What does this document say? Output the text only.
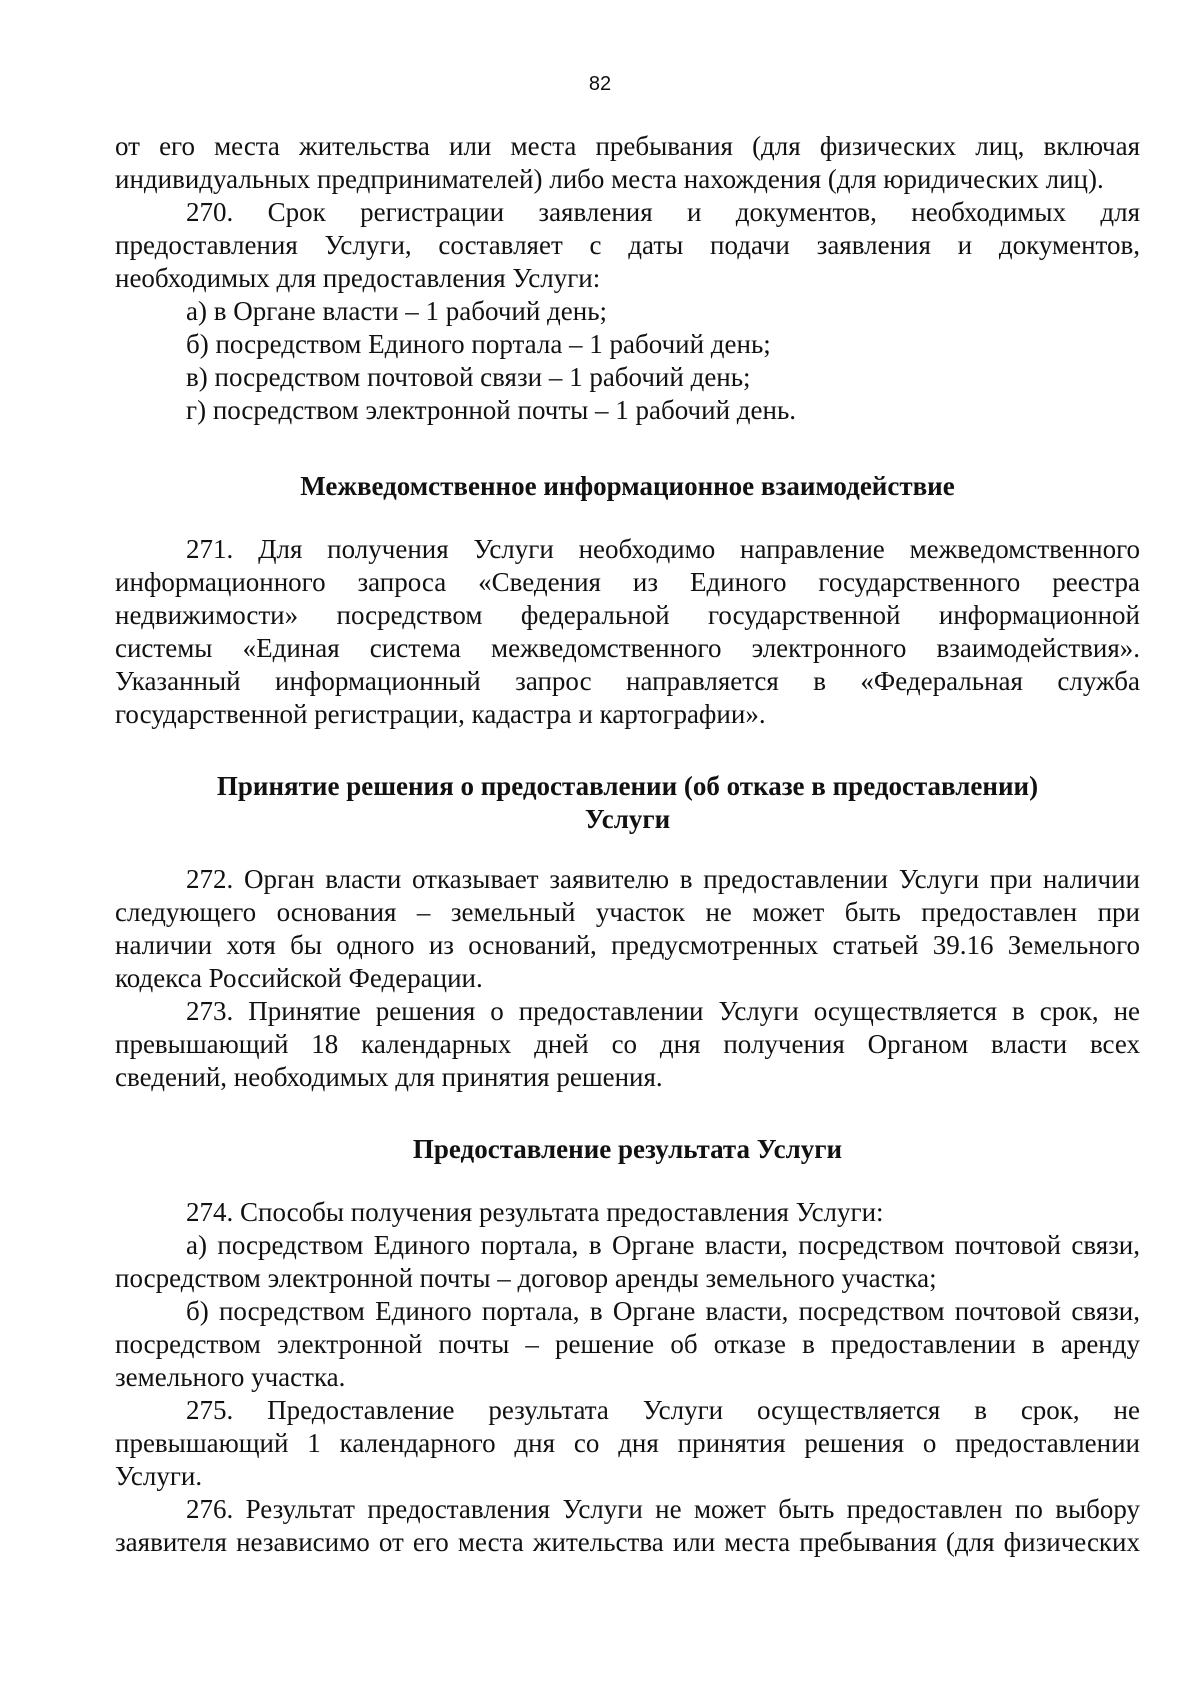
82
от его места жительства или места пребывания (для физических лиц, включая
индивидуальных предпринимателей) либо места нахождения (для юридических лиц).
270. Срок регистрации заявления и документов, необходимых для
предоставления Услуги, составляет с даты подачи заявления и документов,
необходимых для предоставления Услуги:
а) в Органе власти – 1 рабочий день;
б) посредством Единого портала – 1 рабочий день;
в) посредством почтовой связи – 1 рабочий день;
г) посредством электронной почты – 1 рабочий день.
Межведомственное информационное взаимодействие
271. Для получения Услуги необходимо направление межведомственного
информационного запроса «Сведения из Единого государственного реестра
недвижимости» посредством федеральной государственной информационной
системы «Единая система межведомственного электронного взаимодействия».
Указанный информационный запрос направляется в «Федеральная служба
государственной регистрации, кадастра и картографии».
Принятие решения о предоставлении (об отказе в предоставлении)
Услуги
272. Орган власти отказывает заявителю в предоставлении Услуги при наличии
следующего основания – земельный участок не может быть предоставлен при
наличии хотя бы одного из оснований, предусмотренных статьей 39.16 Земельного
кодекса Российской Федерации.
273. Принятие решения о предоставлении Услуги осуществляется в срок, не
превышающий 18 календарных дней со дня получения Органом власти всех
сведений, необходимых для принятия решения.
Предоставление результата Услуги
274. Способы получения результата предоставления Услуги:
а) посредством Единого портала, в Органе власти, посредством почтовой связи,
посредством электронной почты – договор аренды земельного участка;
б) посредством Единого портала, в Органе власти, посредством почтовой связи,
посредством электронной почты – решение об отказе в предоставлении в аренду
земельного участка.
275. Предоставление результата Услуги осуществляется в срок, не
превышающий 1 календарного дня со дня принятия решения о предоставлении
Услуги.
276. Результат предоставления Услуги не может быть предоставлен по выбору
заявителя независимо от его места жительства или места пребывания (для физических
